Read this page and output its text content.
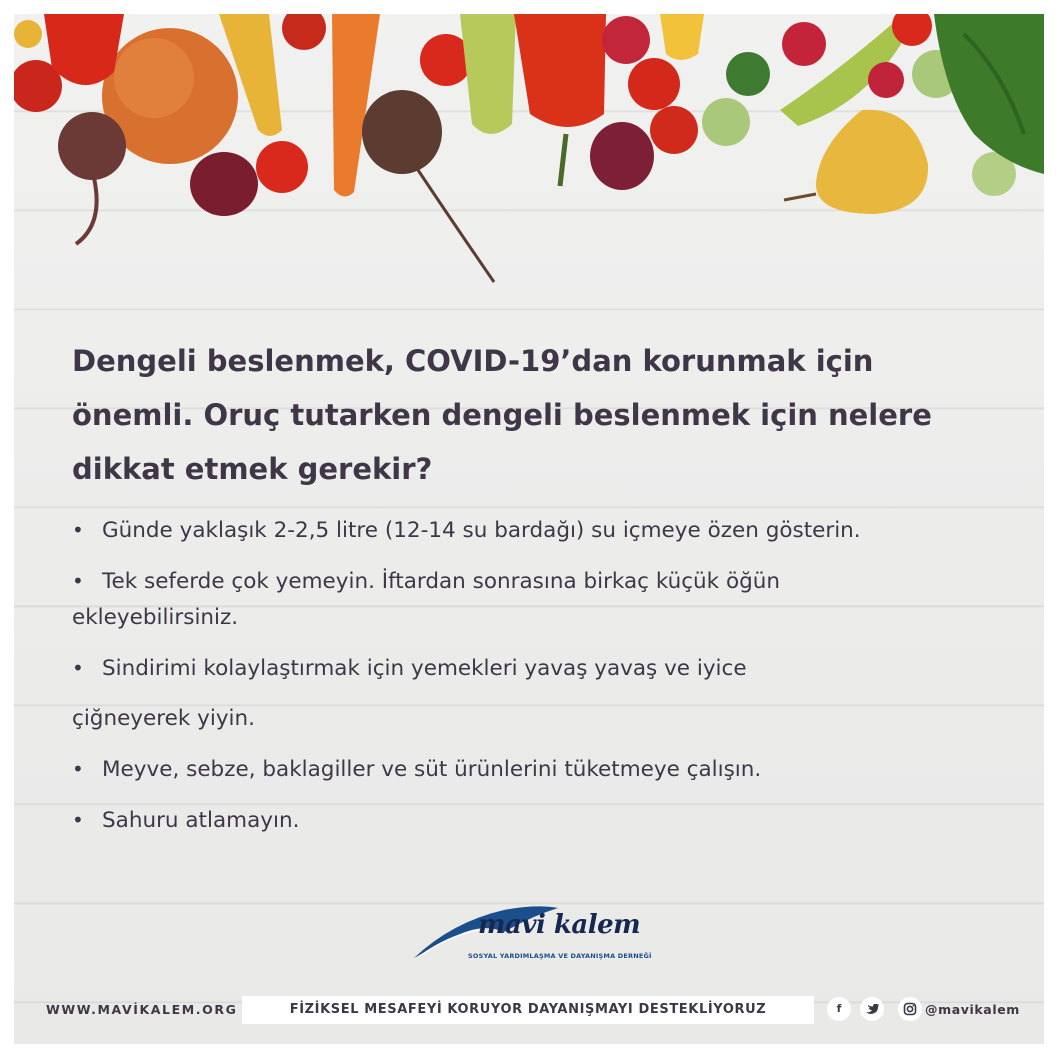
Dengeli beslenmek, COVID-19’dan korunmak için önemli. Oruç tutarken dengeli beslenmek için nelere dikkat etmek gerekir?

• Günde yaklaşık 2-2,5 litre (12-14 su bardağı) su içmeye özen gösterin.

• Tek seferde çok yemeyin. İftardan sonrasına birkaç küçük öğün

ekleyebilirsiniz.

• Sindirimi kolaylaştırmak için yemekleri yavaş yavaş ve iyice

çiğneyerek yiyin.

• Meyve, sebze, baklagiller ve süt ürünlerini tüketmeye çalışın.

• Sahuru atlamayın.

mavi kalem
SOSYAL YARDIMLAŞMA VE DAYANIŞMA DERNEĞİ
WWW.MAVİKALEM.ORG	FİZİKSEL MESAFEYİ KORUYOR DAYANIŞMAYI DESTEKLİYORUZ	f	@mavikalem
